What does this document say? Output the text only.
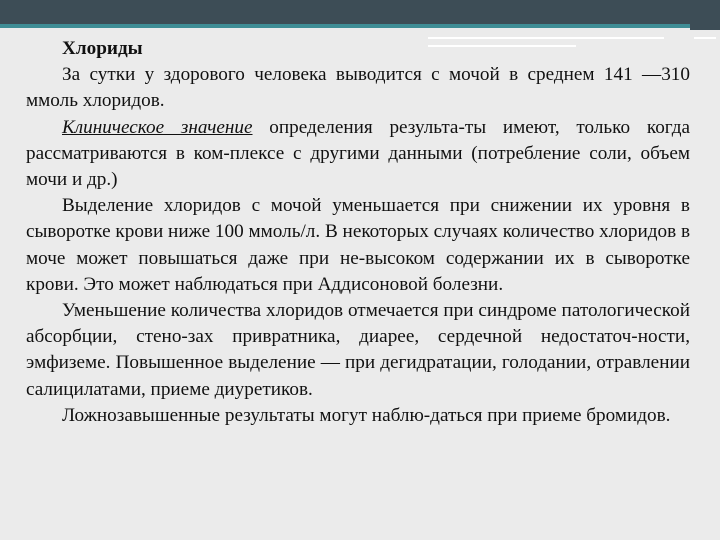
Хлориды

За сутки у здорового человека выводится с мочой в среднем 141 —310 ммоль хлоридов.

Клиническое значение определения результа-ты имеют, только когда рассматриваются в ком-плексе с другими данными (потребление соли, объем мочи и др.)

Выделение хлоридов с мочой уменьшается при снижении их уровня в сыворотке крови ниже 100 ммоль/л. В некоторых случаях количество хлоридов в моче может повышаться даже при не-высоком содержании их в сыворотке крови. Это может наблюдаться при Аддисоновой болезни.

Уменьшение количества хлоридов отмечается при синдроме патологической абсорбции, стено-зах привратника, диарее, сердечной недостаточ-ности, эмфиземе. Повышенное выделение — при дегидратации, голодании, отравлении салицилатами, приеме диуретиков.

Ложнозавышенные результаты могут наблю-даться при приеме бромидов.
